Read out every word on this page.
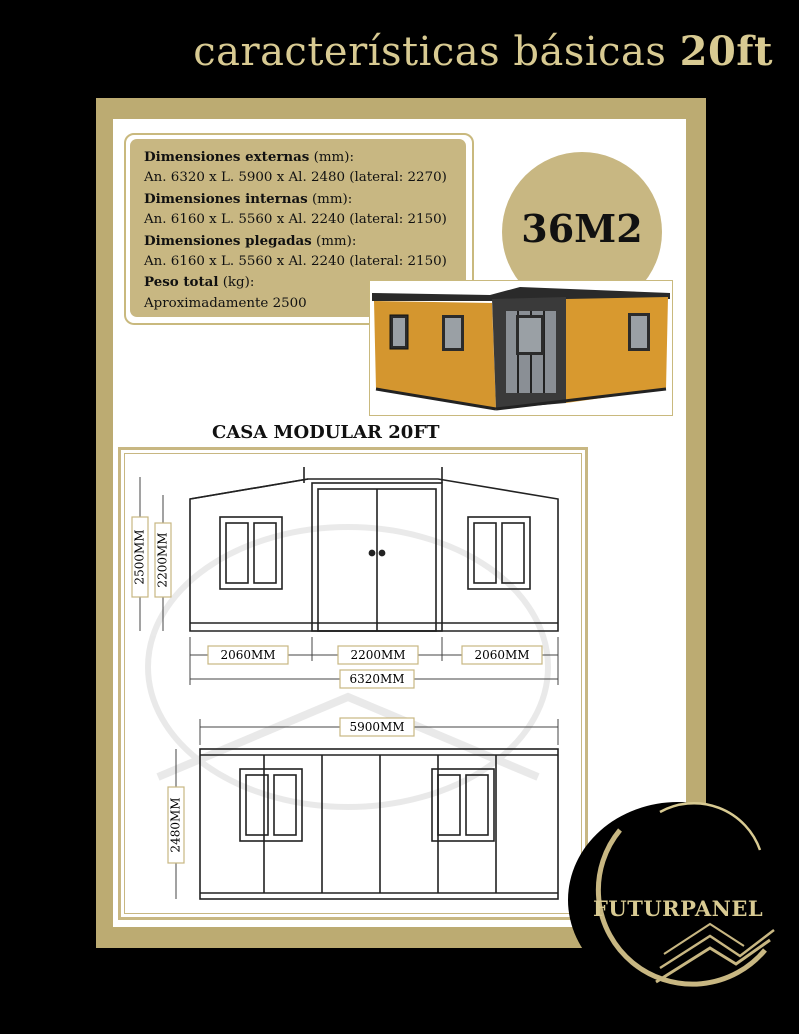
características básicas 20ft
Dimensiones externas (mm):
An. 6320 x L. 5900 x Al. 2480 (lateral: 2270)
Dimensiones internas (mm):
An. 6160 x L. 5560 x Al. 2240 (lateral: 2150)
Dimensiones plegadas (mm):
An. 6160 x L. 5560 x Al. 2240 (lateral: 2150)
Peso total (kg):
Aproximadamente 2500
36M2
CASA MODULAR 20FT
2500MM 2200MM
2060MM	2200MM	2060MM
6320MM
5900MM
2480MM
FUTURPANEL
